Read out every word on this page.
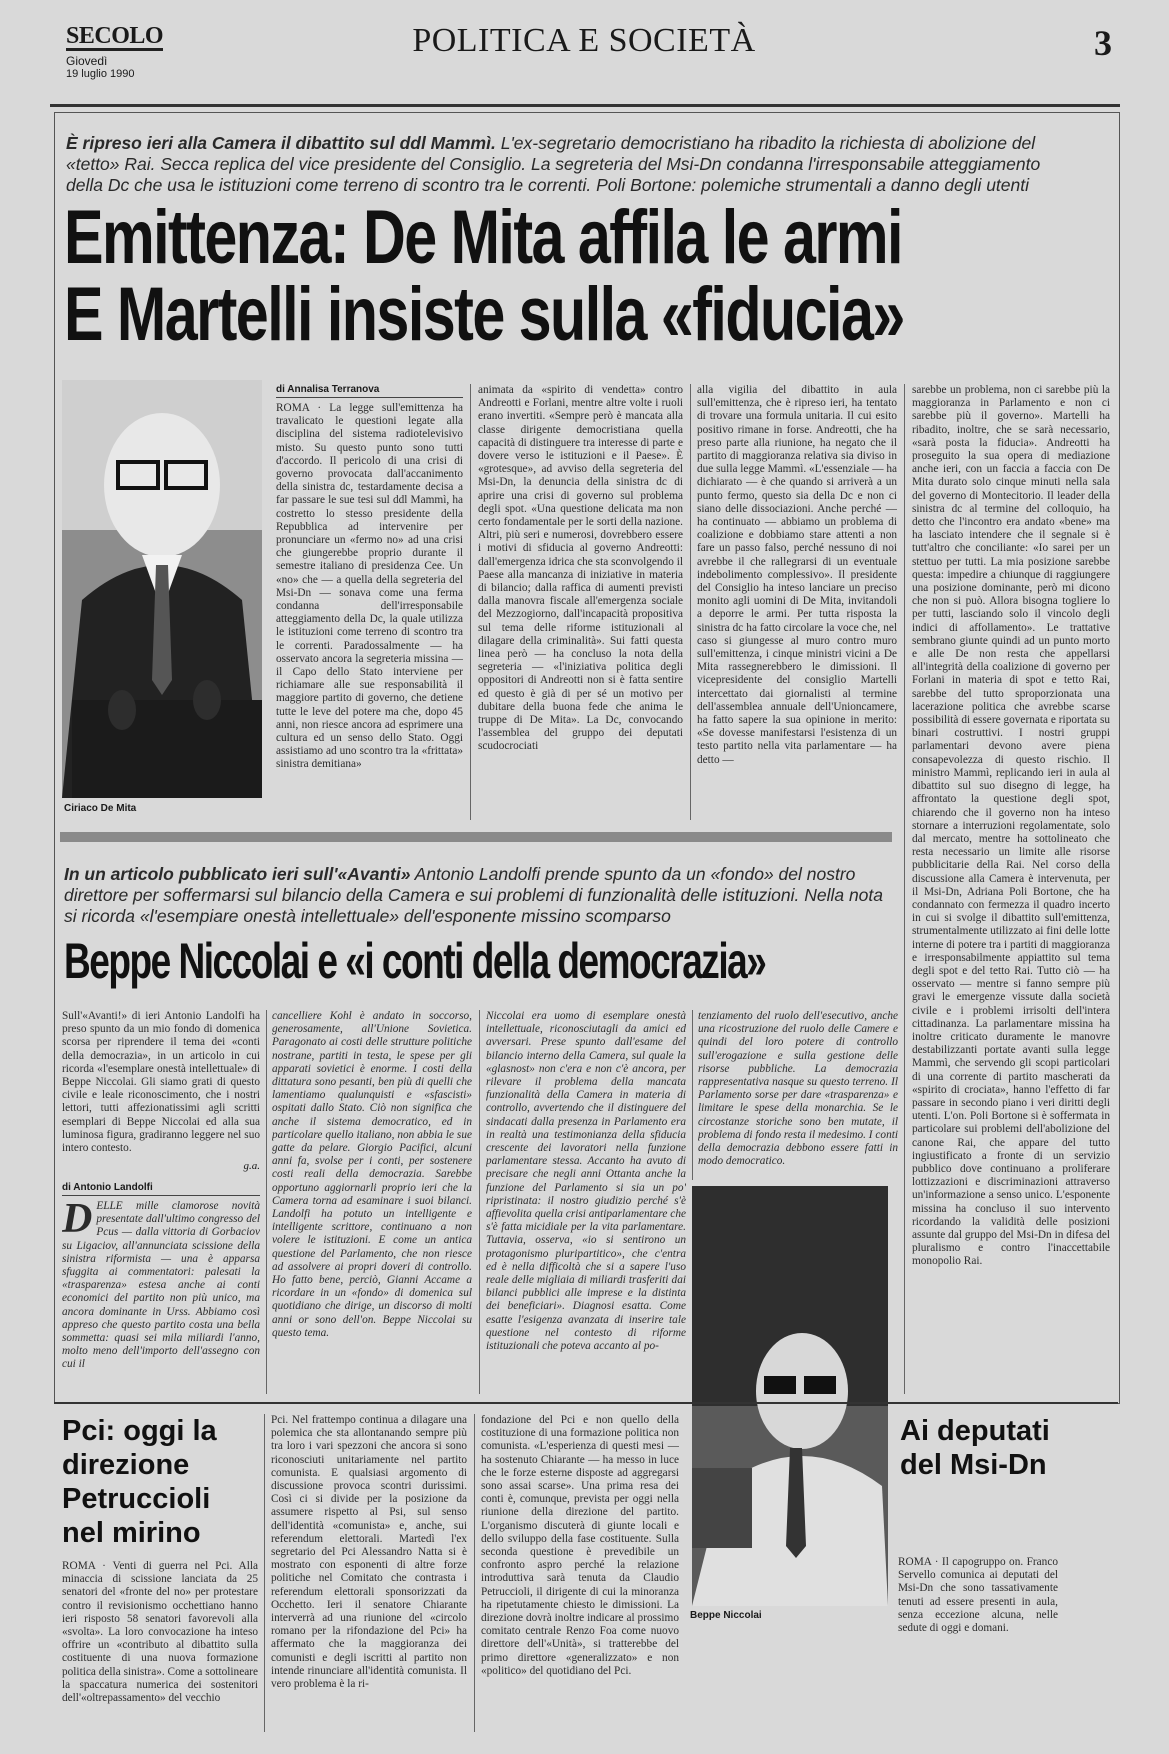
SECOLO
Giovedì
19 luglio 1990
POLITICA E SOCIETÀ	3
È ripreso ieri alla Camera il dibattito sul ddl Mammì. L'ex-segretario democristiano ha ribadito la richiesta di abolizione del «tetto» Rai. Secca replica del vice presidente del Consiglio. La segreteria del Msi-Dn condanna l'irresponsabile atteggiamento della Dc che usa le istituzioni come terreno di scontro tra le correnti. Poli Bortone: polemiche strumentali a danno degli utenti
Emittenza: De Mita affila le armi
E Martelli insiste sulla «fiducia»
Ciriaco De Mita
di Annalisa Terranova
ROMA · La legge sull'emittenza ha travalicato le questioni legate alla disciplina del sistema radiotelevisivo misto. Su questo punto sono tutti d'accordo. Il pericolo di una crisi di governo provocata dall'accanimento della sinistra dc, testardamente decisa a far passare le sue tesi sul ddl Mammì, ha costretto lo stesso presidente della Repubblica ad intervenire per pronunciare un «fermo no» ad una crisi che giungerebbe proprio durante il semestre italiano di presidenza Cee. Un «no» che — a quella della segreteria del Msi-Dn — sonava come una ferma condanna dell'irresponsabile atteggiamento della Dc, la quale utilizza le istituzioni come terreno di scontro tra le correnti. Paradossalmente — ha osservato ancora la segreteria missina — il Capo dello Stato interviene per richiamare alle sue responsabilità il maggiore partito di governo, che detiene tutte le leve del potere ma che, dopo 45 anni, non riesce ancora ad esprimere una cultura ed un senso dello Stato. Oggi assistiamo ad uno scontro tra la «frittata» sinistra demitiana»
animata da «spirito di vendetta» contro Andreotti e Forlani, mentre altre volte i ruoli erano invertiti. «Sempre però è mancata alla classe dirigente democristiana quella capacità di distinguere tra interesse di parte e dovere verso le istituzioni e il Paese». È «grotesque», ad avviso della segreteria del Msi-Dn, la denuncia della sinistra dc di aprire una crisi di governo sul problema degli spot. «Una questione delicata ma non certo fondamentale per le sorti della nazione. Altri, più seri e numerosi, dovrebbero essere i motivi di sfiducia al governo Andreotti: dall'emergenza idrica che sta sconvolgendo il Paese alla mancanza di iniziative in materia di bilancio; dalla raffica di aumenti previsti dalla manovra fiscale all'emergenza sociale del Mezzogiorno, dall'incapacità propositiva sul tema delle riforme istituzionali al dilagare della criminalità». Sui fatti questa linea però — ha concluso la nota della segreteria — «l'iniziativa politica degli oppositori di Andreotti non si è fatta sentire ed questo è già di per sé un motivo per dubitare della buona fede che anima le truppe di De Mita». La Dc, convocando l'assemblea del gruppo dei deputati scudocrociati
alla vigilia del dibattito in aula sull'emittenza, che è ripreso ieri, ha tentato di trovare una formula unitaria. Il cui esito positivo rimane in forse. Andreotti, che ha preso parte alla riunione, ha negato che il partito di maggioranza relativa sia diviso in due sulla legge Mammì. «L'essenziale — ha dichiarato — è che quando si arriverà a un punto fermo, questo sia della Dc e non ci siano delle dissociazioni. Anche perché — ha continuato — abbiamo un problema di coalizione e dobbiamo stare attenti a non fare un passo falso, perché nessuno di noi avrebbe il che rallegrarsi di un eventuale indebolimento complessivo». Il presidente del Consiglio ha inteso lanciare un preciso monito agli uomini di De Mita, invitandoli a deporre le armi. Per tutta risposta la sinistra dc ha fatto circolare la voce che, nel caso si giungesse al muro contro muro sull'emittenza, i cinque ministri vicini a De Mita rassegnerebbero le dimissioni. Il vicepresidente del consiglio Martelli intercettato dai giornalisti al termine dell'assemblea annuale dell'Unioncamere, ha fatto sapere la sua opinione in merito: «Se dovesse manifestarsi l'esistenza di un testo partito nella vita parlamentare — ha detto —
sarebbe un problema, non ci sarebbe più la maggioranza in Parlamento e non ci sarebbe più il governo». Martelli ha ribadito, inoltre, che se sarà necessario, «sarà posta la fiducia». Andreotti ha proseguito la sua opera di mediazione anche ieri, con un faccia a faccia con De Mita durato solo cinque minuti nella sala del governo di Montecitorio. Il leader della sinistra dc al termine del colloquio, ha detto che l'incontro era andato «bene» ma ha lasciato intendere che il segnale si è tutt'altro che conciliante: «Io sarei per un stettuo per tutti. La mia posizione sarebbe questa: impedire a chiunque di raggiungere una posizione dominante, però mi dicono che non si può. Allora bisogna togliere lo per tutti, lasciando solo il vincolo degli indici di affollamento». Le trattative sembrano giunte quindi ad un punto morto e alle De non resta che appellarsi all'integrità della coalizione di governo per Forlani in materia di spot e tetto Rai, sarebbe del tutto sproporzionata una lacerazione politica che avrebbe scarse possibilità di essere governata e riportata su binari costruttivi. I nostri gruppi parlamentari devono avere piena consapevolezza di questo rischio. Il ministro Mammì, replicando ieri in aula al dibattito sul suo disegno di legge, ha affrontato la questione degli spot, chiarendo che il governo non ha inteso stornare a interruzioni regolamentate, solo dal mercato, mentre ha sottolineato che resta necessario un limite alle risorse pubblicitarie della Rai. Nel corso della discussione alla Camera è intervenuta, per il Msi-Dn, Adriana Poli Bortone, che ha condannato con fermezza il quadro incerto in cui si svolge il dibattito sull'emittenza, strumentalmente utilizzato ai fini delle lotte interne di potere tra i partiti di maggioranza e irresponsabilmente appiattito sul tema degli spot e del tetto Rai. Tutto ciò — ha osservato — mentre si fanno sempre più gravi le emergenze vissute dalla società civile e i problemi irrisolti dell'intera cittadinanza. La parlamentare missina ha inoltre criticato duramente le manovre destabilizzanti portate avanti sulla legge Mammì, che servendo gli scopi particolari di una corrente di partito mascherati da «spirito di crociata», hanno l'effetto di far passare in secondo piano i veri diritti degli utenti. L'on. Poli Bortone si è soffermata in particolare sui problemi dell'abolizione del canone Rai, che appare del tutto ingiustificato a fronte di un servizio pubblico dove continuano a proliferare lottizzazioni e discriminazioni attraverso un'informazione a senso unico. L'esponente missina ha concluso il suo intervento ricordando la validità delle posizioni assunte dal gruppo del Msi-Dn in difesa del pluralismo e contro l'inaccettabile monopolio Rai.
In un articolo pubblicato ieri sull'«Avanti» Antonio Landolfi prende spunto da un «fondo» del nostro direttore per soffermarsi sul bilancio della Camera e sui problemi di funzionalità delle istituzioni. Nella nota si ricorda «l'esempiare onestà intellettuale» dell'esponente missino scomparso
Beppe Niccolai e «i conti della democrazia»
Sull'«Avanti!» di ieri Antonio Landolfi ha preso spunto da un mio fondo di domenica scorsa per riprendere il tema dei «conti della democrazia», in un articolo in cui ricorda «l'esemplare onestà intellettuale» di Beppe Niccolai. Gli siamo grati di questo civile e leale riconoscimento, che i nostri lettori, tutti affezionatissimi agli scritti esemplari di Beppe Niccolai ed alla sua luminosa figura, gradiranno leggere nel suo intero contesto.
g.a.
di Antonio Landolfi
DELLE mille clamorose novità presentate dall'ultimo congresso del Pcus — dalla vittoria di Gorbaciov su Ligaciov, all'annunciata scissione della sinistra riformista — una è apparsa sfuggita ai commentatori: palesati la «trasparenza» estesa anche ai conti economici del partito non più unico, ma ancora dominante in Urss. Abbiamo così appreso che questo partito costa una bella sommetta: quasi sei mila miliardi l'anno, molto meno dell'importo dell'assegno con cui il
cancelliere Kohl è andato in soccorso, generosamente, all'Unione Sovietica. Paragonato ai costi delle strutture politiche nostrane, partiti in testa, le spese per gli apparati sovietici è enorme. I costi della dittatura sono pesanti, ben più di quelli che lamentiamo qualunquisti e «sfascisti» ospitati dallo Stato. Ciò non significa che anche il sistema democratico, ed in particolare quello italiano, non abbia le sue gatte da pelare. Giorgio Pacifici, alcuni anni fa, svolse per i conti, per sostenere costi reali della democrazia. Sarebbe opportuno aggiornarli proprio ieri che la Camera torna ad esaminare i suoi bilanci. Landolfi ha potuto un intelligente e intelligente scrittore, continuano a non volere le istituzioni. E come un antica questione del Parlamento, che non riesce ad assolvere ai propri doveri di controllo. Ho fatto bene, perciò, Gianni Accame a ricordare in un «fondo» di domenica sul quotidiano che dirige, un discorso di molti anni or sono dell'on. Beppe Niccolai su questo tema.
Niccolai era uomo di esemplare onestà intellettuale, riconosciutagli da amici ed avversari. Prese spunto dall'esame del bilancio interno della Camera, sul quale la «glasnost» non c'era e non c'è ancora, per rilevare il problema della mancata funzionalità della Camera in materia di controllo, avvertendo che il distinguere del sindacati dalla presenza in Parlamento era in realtà una testimonianza della sfiducia crescente dei lavoratori nella funzione parlamentare stessa. Accanto ha avuto di precisare che negli anni Ottanta anche la funzione del Parlamento si sia un po' ripristinata: il nostro giudizio perché s'è affievolita quella crisi antiparlamentare che s'è fatta micidiale per la vita parlamentare. Tuttavia, osserva, «io si sentirono un protagonismo pluripartitico», che c'entra ed è nella difficoltà che si a sapere l'uso reale delle migliaia di miliardi trasferiti dai bilanci pubblici alle imprese e la distinta dei beneficiari». Diagnosi esatta. Come esatte l'esigenza avanzata di inserire tale questione nel contesto di riforme istituzionali che poteva accanto al po-
tenziamento del ruolo dell'esecutivo, anche una ricostruzione del ruolo delle Camere e quindi del loro potere di controllo sull'erogazione e sulla gestione delle risorse pubbliche. La democrazia rappresentativa nasque su questo terreno. Il Parlamento sorse per dare «trasparenza» e limitare le spese della monarchia. Se le circostanze storiche sono ben mutate, il problema di fondo resta il medesimo. I conti della democrazia debbono essere fatti in modo democratico.
Beppe Niccolai
Pci: oggi la direzione Petruccioli nel mirino
ROMA · Venti di guerra nel Pci. Alla minaccia di scissione lanciata da 25 senatori del «fronte del no» per protestare contro il revisionismo occhettiano hanno ieri risposto 58 senatori favorevoli alla «svolta». La loro convocazione ha inteso offrire un «contributo al dibattito sulla costituente di una nuova formazione politica della sinistra». Come a sottolineare la spaccatura numerica dei sostenitori dell'«oltrepassamento» del vecchio
Pci. Nel frattempo continua a dilagare una polemica che sta allontanando sempre più tra loro i vari spezzoni che ancora si sono riconosciuti unitariamente nel partito comunista. E qualsiasi argomento di discussione provoca scontri durissimi. Così ci si divide per la posizione da assumere rispetto al Psi, sul senso dell'identità «comunista» e, anche, sui referendum elettorali. Martedì l'ex segretario del Pci Alessandro Natta si è mostrato con esponenti di altre forze politiche nel Comitato che contrasta i referendum elettorali sponsorizzati da Occhetto. Ieri il senatore Chiarante interverrà ad una riunione del «circolo romano per la rifondazione del Pci» ha affermato che la maggioranza dei comunisti e degli iscritti al partito non intende rinunciare all'identità comunista. Il vero problema è la ri-
fondazione del Pci e non quello della costituzione di una formazione politica non comunista. «L'esperienza di questi mesi — ha sostenuto Chiarante — ha messo in luce che le forze esterne disposte ad aggregarsi sono assai scarse». Una prima resa dei conti è, comunque, prevista per oggi nella riunione della direzione del partito. L'organismo discuterà di giunte locali e dello sviluppo della fase costituente. Sulla seconda questione è prevedibile un confronto aspro perché la relazione introduttiva sarà tenuta da Claudio Petruccioli, il dirigente di cui la minoranza ha ripetutamente chiesto le dimissioni. La direzione dovrà inoltre indicare al prossimo comitato centrale Renzo Foa come nuovo direttore dell'«Unità», si tratterebbe del primo direttore «generalizzato» e non «politico» del quotidiano del Pci.
Ai deputati del Msi-Dn
ROMA · Il capogruppo on. Franco Servello comunica ai deputati del Msi-Dn che sono tassativamente tenuti ad essere presenti in aula, senza eccezione alcuna, nelle sedute di oggi e domani.
